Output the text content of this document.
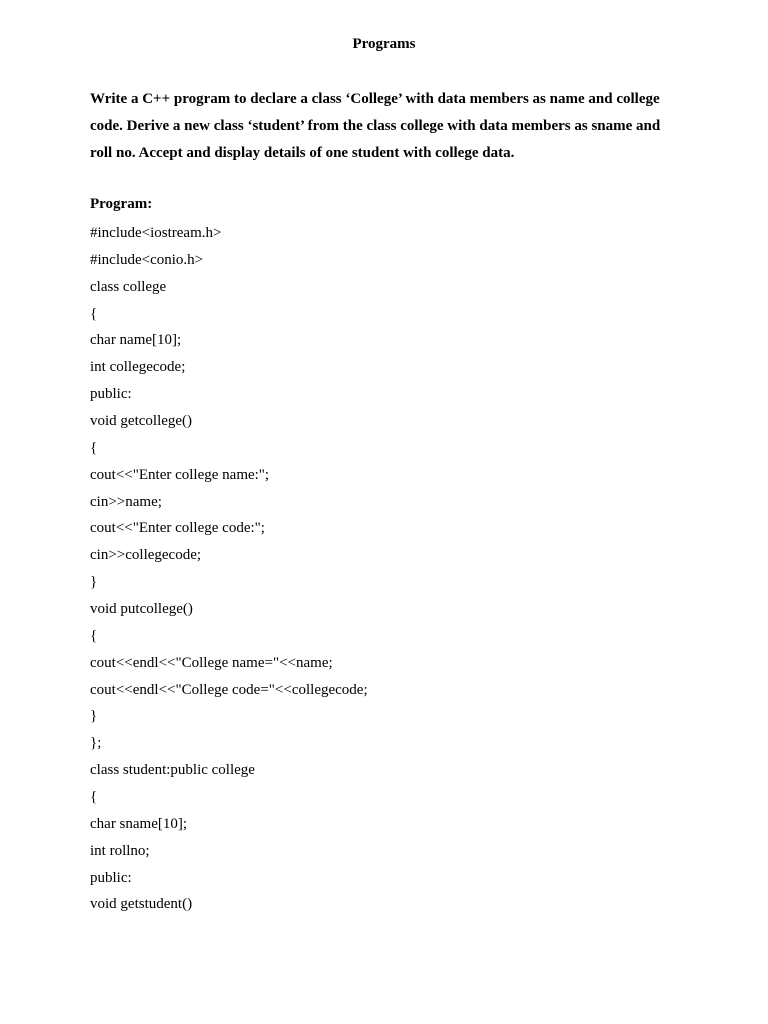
Programs
Write a C++ program to declare a class ‘College’ with data members as name and college code. Derive a new class ‘student’ from the class college with data members as sname and roll no. Accept and display details of one student with college data.
Program:
#include<iostream.h>
#include<conio.h>
class college
{
char name[10];
int collegecode;
public:
void getcollege()
{
cout<<"Enter college name:";
cin>>name;
cout<<"Enter college code:";
cin>>collegecode;
}
void putcollege()
{
cout<<endl<<"College name="<<name;
cout<<endl<<"College code="<<collegecode;
}
};
class student:public college
{
char sname[10];
int rollno;
public:
void getstudent()
